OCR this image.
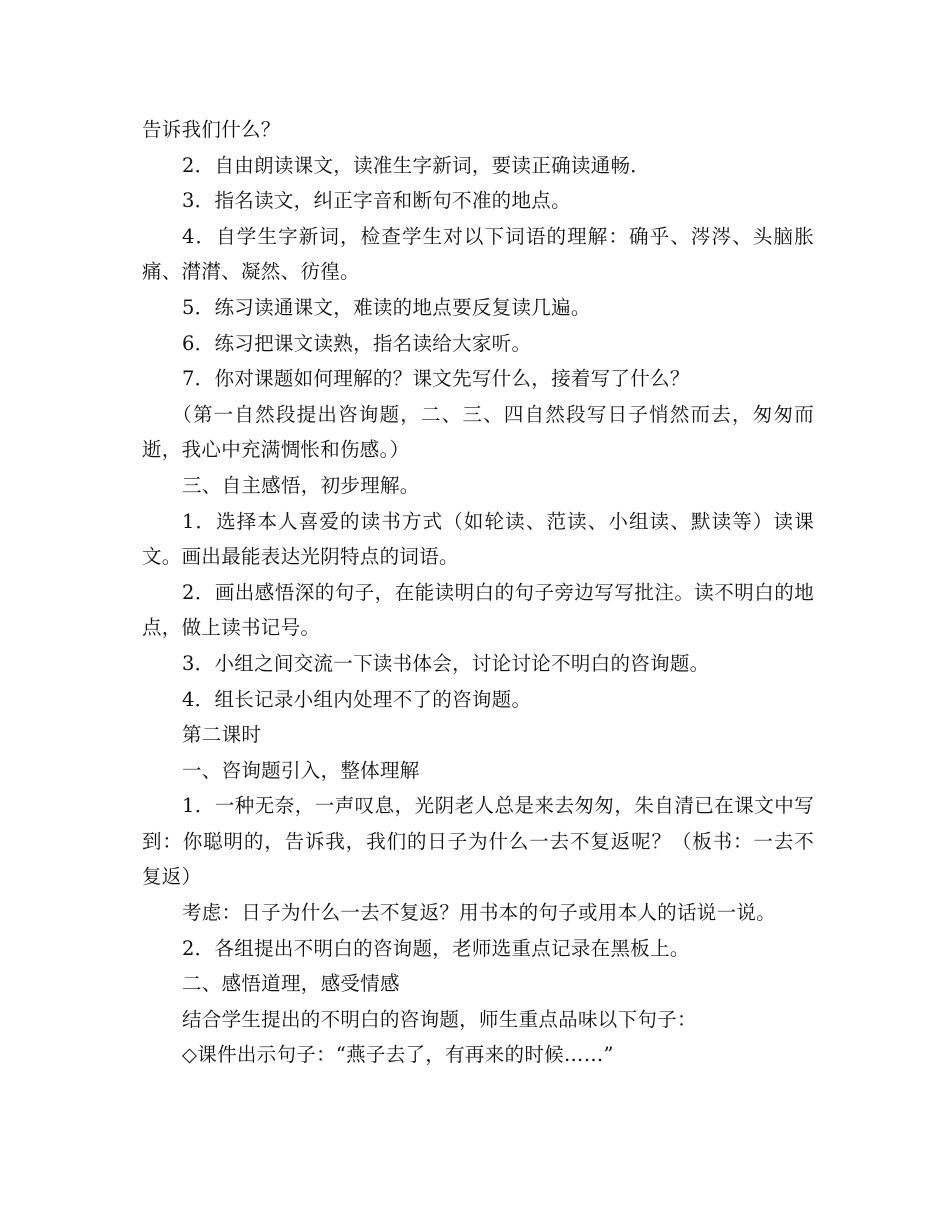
告诉我们什么？

2．自由朗读课文，读准生字新词，要读正确读通畅．

3．指名读文，纠正字音和断句不准的地点。

4．自学生字新词，检查学生对以下词语的理解：确乎、涔涔、头脑胀痛、潸潸、凝然、彷徨。

5．练习读通课文，难读的地点要反复读几遍。

6．练习把课文读熟，指名读给大家听。

7．你对课题如何理解的？课文先写什么，接着写了什么？

（第一自然段提出咨询题，二、三、四自然段写日子悄然而去，匆匆而逝，我心中充满惆怅和伤感。）

三、自主感悟，初步理解。

1．选择本人喜爱的读书方式（如轮读、范读、小组读、默读等）读课文。画出最能表达光阴特点的词语。

2．画出感悟深的句子，在能读明白的句子旁边写写批注。读不明白的地点，做上读书记号。

3．小组之间交流一下读书体会，讨论讨论不明白的咨询题。

4．组长记录小组内处理不了的咨询题。

第二课时

一、咨询题引入，整体理解

1．一种无奈，一声叹息，光阴老人总是来去匆匆，朱自清已在课文中写到：你聪明的，告诉我，我们的日子为什么一去不复返呢？（板书：一去不复返）

考虑：日子为什么一去不复返？用书本的句子或用本人的话说一说。

2．各组提出不明白的咨询题，老师选重点记录在黑板上。

二、感悟道理，感受情感

结合学生提出的不明白的咨询题，师生重点品味以下句子：

◇课件出示句子：“燕子去了，有再来的时候……”
